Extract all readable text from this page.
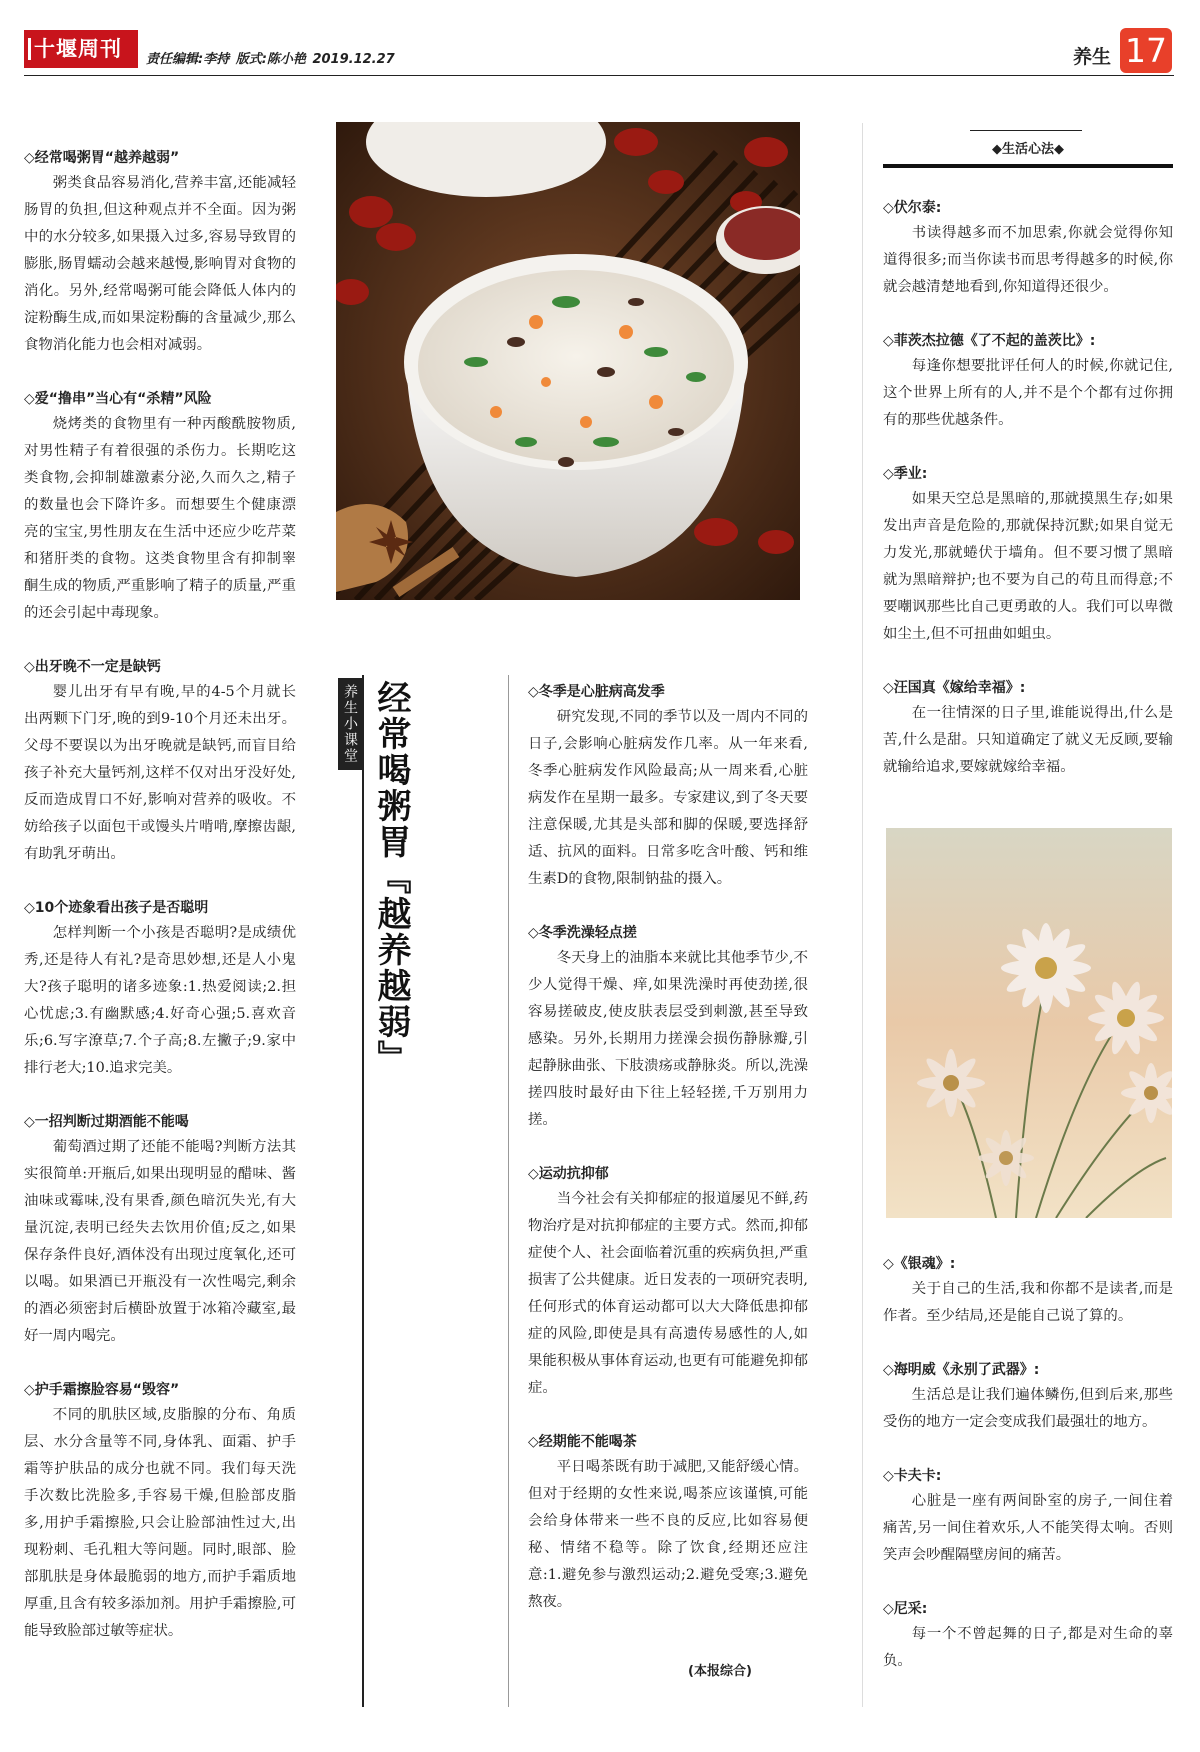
十堰周刊	责任编辑:李持 版式:陈小艳 2019.12.27	养生 17
◇经常喝粥胃“越养越弱”

粥类食品容易消化,营养丰富,还能减轻肠胃的负担,但这种观点并不全面。因为粥中的水分较多,如果摄入过多,容易导致胃的膨胀,肠胃蠕动会越来越慢,影响胃对食物的消化。另外,经常喝粥可能会降低人体内的淀粉酶生成,而如果淀粉酶的含量减少,那么食物消化能力也会相对减弱。

◇爱“撸串”当心有“杀精”风险

烧烤类的食物里有一种丙酸酰胺物质,对男性精子有着很强的杀伤力。长期吃这类食物,会抑制雄激素分泌,久而久之,精子的数量也会下降许多。而想要生个健康漂亮的宝宝,男性朋友在生活中还应少吃芹菜和猪肝类的食物。这类食物里含有抑制睾酮生成的物质,严重影响了精子的质量,严重的还会引起中毒现象。

◇出牙晚不一定是缺钙

婴儿出牙有早有晚,早的4-5个月就长出两颗下门牙,晚的到9-10个月还未出牙。父母不要误以为出牙晚就是缺钙,而盲目给孩子补充大量钙剂,这样不仅对出牙没好处,反而造成胃口不好,影响对营养的吸收。不妨给孩子以面包干或馒头片啃啃,摩擦齿龈,有助乳牙萌出。

◇10个迹象看出孩子是否聪明

怎样判断一个小孩是否聪明?是成绩优秀,还是待人有礼?是奇思妙想,还是人小鬼大?孩子聪明的诸多迹象:1.热爱阅读;2.担心忧虑;3.有幽默感;4.好奇心强;5.喜欢音乐;6.写字潦草;7.个子高;8.左撇子;9.家中排行老大;10.追求完美。

◇一招判断过期酒能不能喝

葡萄酒过期了还能不能喝?判断方法其实很简单:开瓶后,如果出现明显的醋味、酱油味或霉味,没有果香,颜色暗沉失光,有大量沉淀,表明已经失去饮用价值;反之,如果保存条件良好,酒体没有出现过度氧化,还可以喝。如果酒已开瓶没有一次性喝完,剩余的酒必须密封后横卧放置于冰箱冷藏室,最好一周内喝完。

◇护手霜擦脸容易“毁容”

不同的肌肤区域,皮脂腺的分布、角质层、水分含量等不同,身体乳、面霜、护手霜等护肤品的成分也就不同。我们每天洗手次数比洗脸多,手容易干燥,但脸部皮脂多,用护手霜擦脸,只会让脸部油性过大,出现粉刺、毛孔粗大等问题。同时,眼部、脸部肌肤是身体最脆弱的地方,而护手霜质地厚重,且含有较多添加剂。用护手霜擦脸,可能导致脸部过敏等症状。

养生小课堂 经常喝粥胃『越养越弱』	◇冬季是心脏病高发季

研究发现,不同的季节以及一周内不同的日子,会影响心脏病发作几率。从一年来看,冬季心脏病发作风险最高;从一周来看,心脏病发作在星期一最多。专家建议,到了冬天要注意保暖,尤其是头部和脚的保暖,要选择舒适、抗风的面料。日常多吃含叶酸、钙和维生素D的食物,限制钠盐的摄入。

◇冬季洗澡轻点搓

冬天身上的油脂本来就比其他季节少,不少人觉得干燥、痒,如果洗澡时再使劲搓,很容易搓破皮,使皮肤表层受到刺激,甚至导致感染。另外,长期用力搓澡会损伤静脉瓣,引起静脉曲张、下肢溃疡或静脉炎。所以,洗澡搓四肢时最好由下往上轻轻搓,千万别用力搓。

◇运动抗抑郁

当今社会有关抑郁症的报道屡见不鲜,药物治疗是对抗抑郁症的主要方式。然而,抑郁症使个人、社会面临着沉重的疾病负担,严重损害了公共健康。近日发表的一项研究表明,任何形式的体育运动都可以大大降低患抑郁症的风险,即使是具有高遗传易感性的人,如果能积极从事体育运动,也更有可能避免抑郁症。

◇经期能不能喝茶

平日喝茶既有助于减肥,又能舒缓心情。但对于经期的女性来说,喝茶应该谨慎,可能会给身体带来一些不良的反应,比如容易便秘、情绪不稳等。除了饮食,经期还应注意:1.避免参与激烈运动;2.避免受寒;3.避免熬夜。

(本报综合)
◆生活心法◆
◇伏尔泰:

书读得越多而不加思索,你就会觉得你知道得很多;而当你读书而思考得越多的时候,你就会越清楚地看到,你知道得还很少。

◇菲茨杰拉德《了不起的盖茨比》:

每逢你想要批评任何人的时候,你就记住,这个世界上所有的人,并不是个个都有过你拥有的那些优越条件。

◇季业:

如果天空总是黑暗的,那就摸黑生存;如果发出声音是危险的,那就保持沉默;如果自觉无力发光,那就蜷伏于墙角。但不要习惯了黑暗就为黑暗辩护;也不要为自己的苟且而得意;不要嘲讽那些比自己更勇敢的人。我们可以卑微如尘土,但不可扭曲如蛆虫。

◇汪国真《嫁给幸福》:

在一往情深的日子里,谁能说得出,什么是苦,什么是甜。只知道确定了就义无反顾,要输就输给追求,要嫁就嫁给幸福。

◇《银魂》:

关于自己的生活,我和你都不是读者,而是作者。至少结局,还是能自己说了算的。

◇海明威《永别了武器》:

生活总是让我们遍体鳞伤,但到后来,那些受伤的地方一定会变成我们最强壮的地方。

◇卡夫卡:

心脏是一座有两间卧室的房子,一间住着痛苦,另一间住着欢乐,人不能笑得太响。否则笑声会吵醒隔壁房间的痛苦。

◇尼采:

每一个不曾起舞的日子,都是对生命的辜负。
